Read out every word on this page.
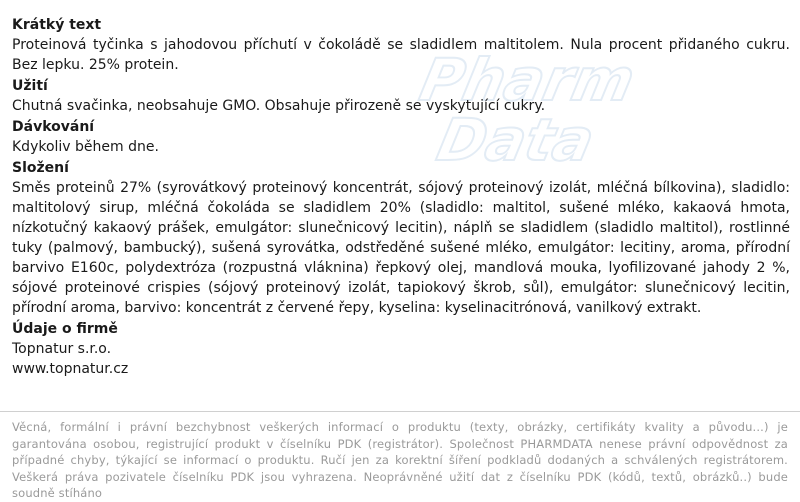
Pharm
Data
Krátký text

Proteinová tyčinka s jahodovou příchutí v čokoládě se sladidlem maltitolem. Nula procent přidaného cukru. Bez lepku. 25% protein.

Užití

Chutná svačinka, neobsahuje GMO. Obsahuje přirozeně se vyskytující cukry.

Dávkování

Kdykoliv během dne.

Složení

Směs proteinů 27% (syrovátkový proteinový koncentrát, sójový proteinový izolát, mléčná bílkovina), sladidlo: maltitolový sirup, mléčná čokoláda se sladidlem 20% (sladidlo: maltitol, sušené mléko, kakaová hmota, nízkotučný kakaový prášek, emulgátor: slunečnicový lecitin), náplň se sladidlem (sladidlo maltitol), rostlinné tuky (palmový, bambucký), sušená syrovátka, odstředěné sušené mléko, emulgátor: lecitiny, aroma, přírodní barvivo E160c, polydextróza (rozpustná vláknina) řepkový olej, mandlová mouka, lyofilizované jahody 2 %, sójové proteinové crispies (sójový proteinový izolát, tapiokový škrob, sůl), emulgátor: slunečnicový lecitin, přírodní aroma, barvivo: koncentrát z červené řepy, kyselina: kyselinacitrónová, vanilkový extrakt.

Údaje o firmě

Topnatur s.r.o.

www.topnatur.cz

Věcná, formální i právní bezchybnost veškerých informací o produktu (texty, obrázky, certifikáty kvality a původu...) je garantována osobou, registrující produkt v číselníku PDK (registrátor). Společnost PHARMDATA nenese právní odpovědnost za případné chyby, týkající se informací o produktu. Ručí jen za korektní šíření podkladů dodaných a schválených registrátorem. Veškerá práva pozivatele číselníku PDK jsou vyhrazena. Neoprávněné užití dat z číselníku PDK (kódů, textů, obrázků..) bude soudně stíháno
